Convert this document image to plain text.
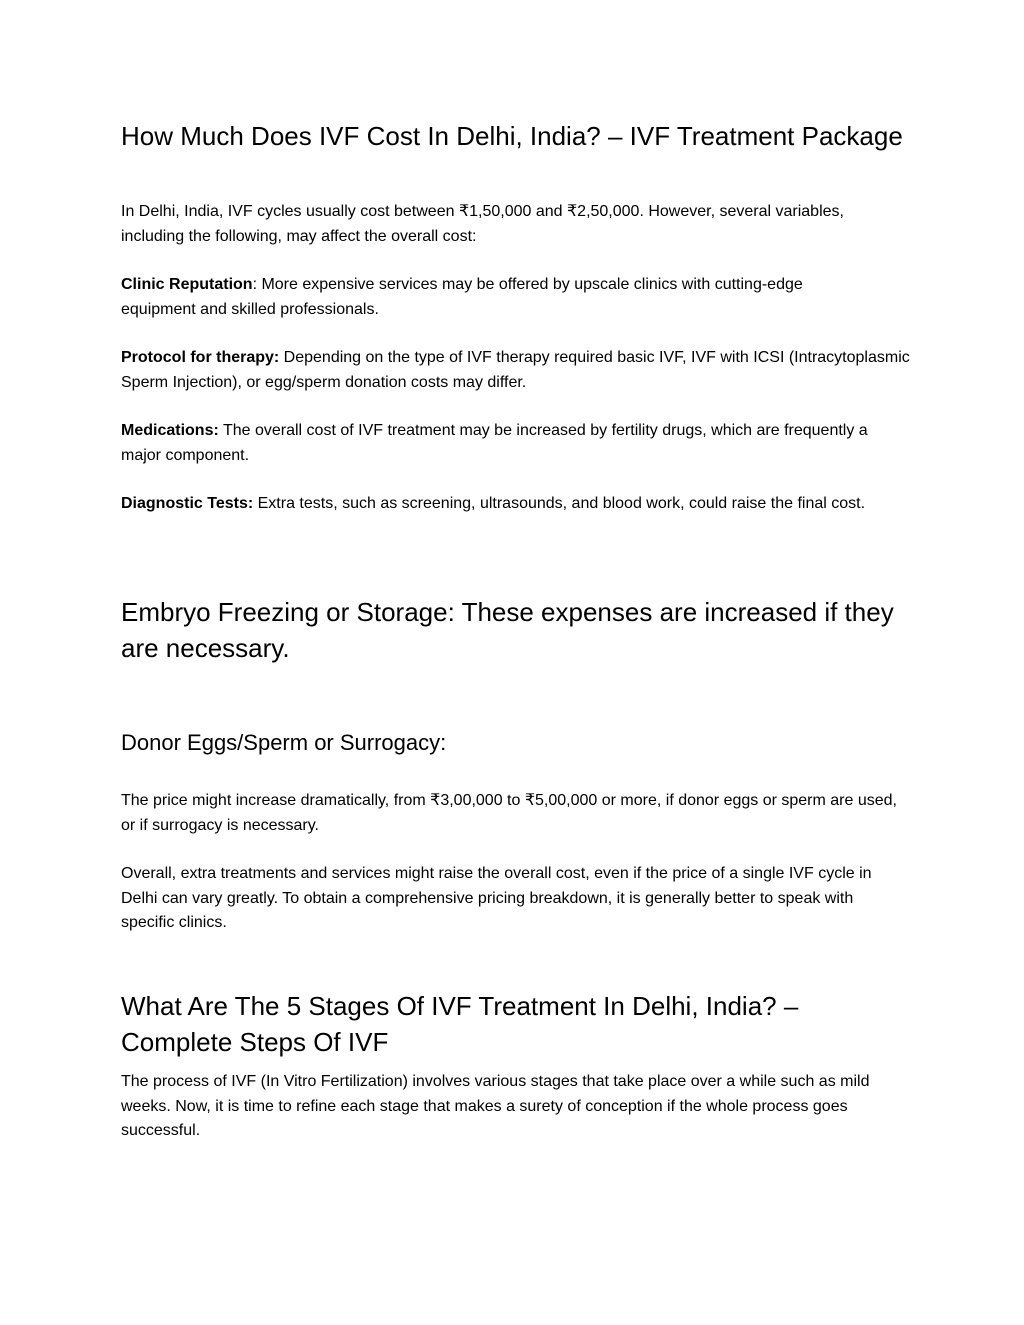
How Much Does IVF Cost In Delhi, India? – IVF Treatment Package

In Delhi, India, IVF cycles usually cost between ₹1,50,000 and ₹2,50,000. However, several variables, including the following, may affect the overall cost:

Clinic Reputation: More expensive services may be offered by upscale clinics with cutting-edge equipment and skilled professionals.

Protocol for therapy: Depending on the type of IVF therapy required basic IVF, IVF with ICSI (Intracytoplasmic Sperm Injection), or egg/sperm donation costs may differ.

Medications: The overall cost of IVF treatment may be increased by fertility drugs, which are frequently a major component.

Diagnostic Tests: Extra tests, such as screening, ultrasounds, and blood work, could raise the final cost.

Embryo Freezing or Storage: These expenses are increased if they are necessary.
Donor Eggs/Sperm or Surrogacy:

The price might increase dramatically, from ₹3,00,000 to ₹5,00,000 or more, if donor eggs or sperm are used, or if surrogacy is necessary.

Overall, extra treatments and services might raise the overall cost, even if the price of a single IVF cycle in Delhi can vary greatly. To obtain a comprehensive pricing breakdown, it is generally better to speak with specific clinics.

What Are The 5 Stages Of IVF Treatment In Delhi, India? – Complete Steps Of IVF

The process of IVF (In Vitro Fertilization) involves various stages that take place over a while such as mild weeks. Now, it is time to refine each stage that makes a surety of conception if the whole process goes successful.
